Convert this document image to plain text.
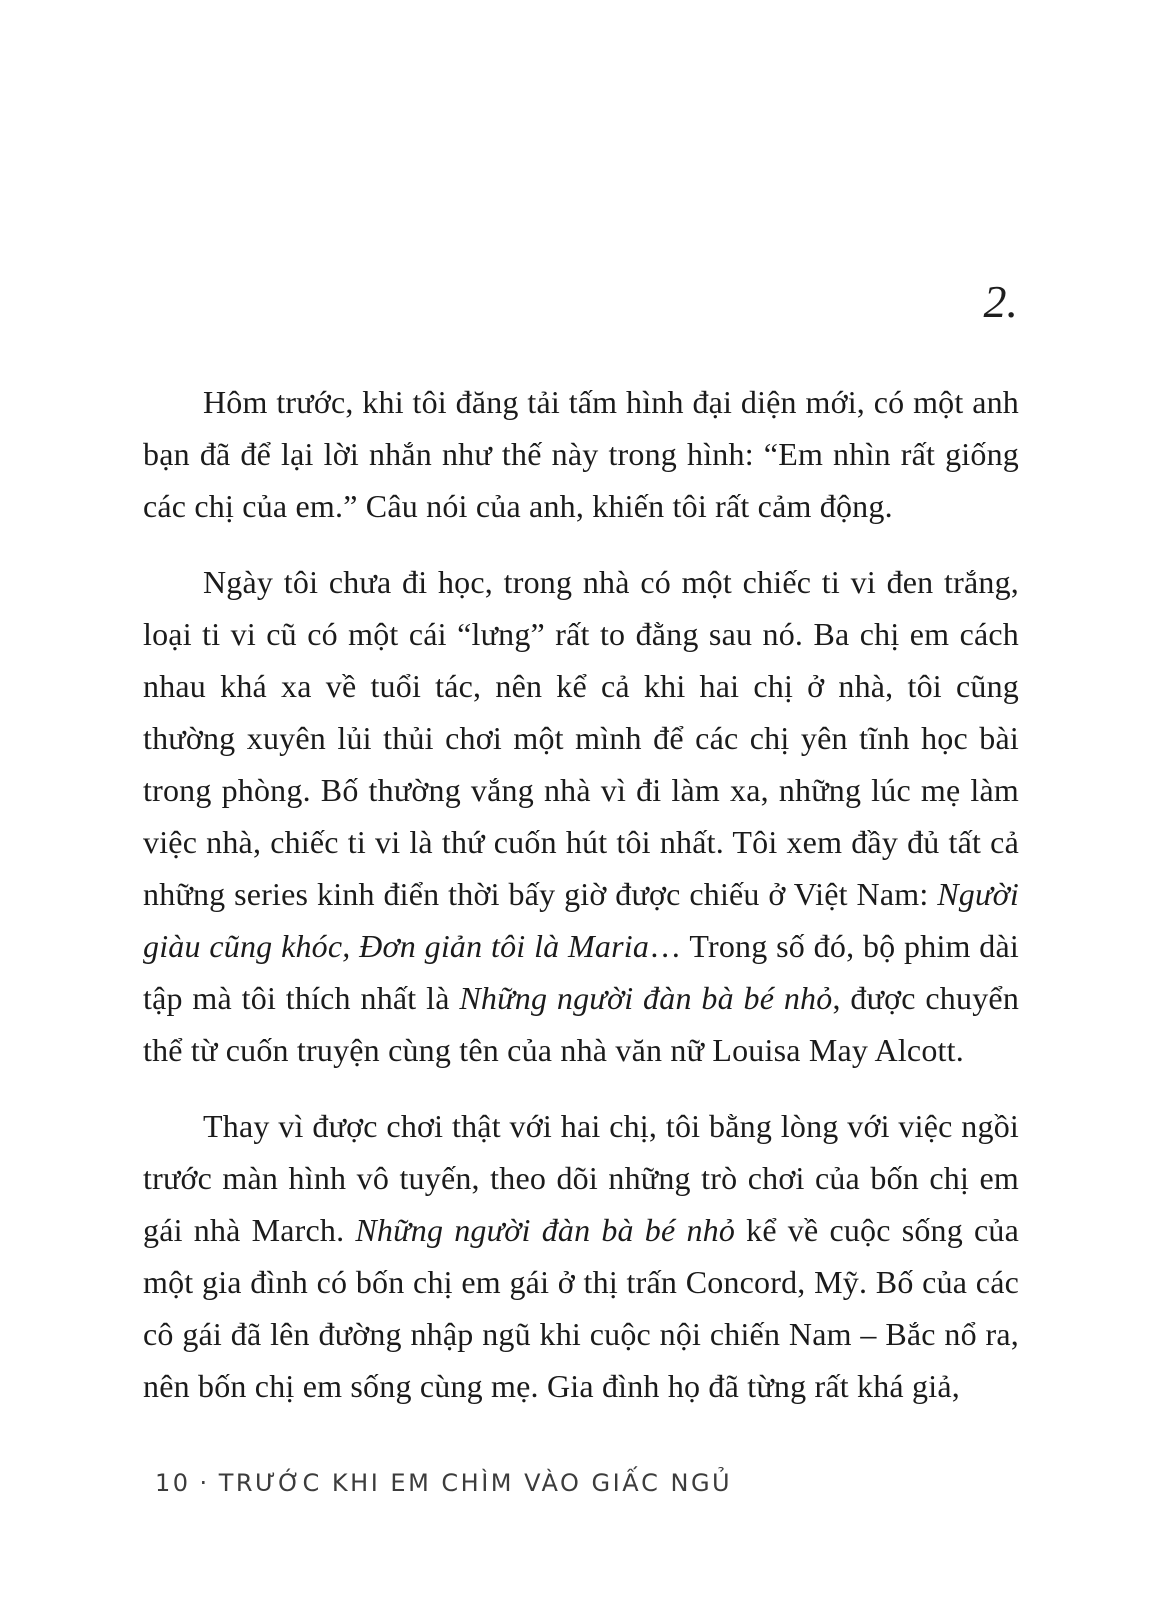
2.

Hôm trước, khi tôi đăng tải tấm hình đại diện mới, có một anh bạn đã để lại lời nhắn như thế này trong hình: “Em nhìn rất giống các chị của em.” Câu nói của anh, khiến tôi rất cảm động.

Ngày tôi chưa đi học, trong nhà có một chiếc ti vi đen trắng, loại ti vi cũ có một cái “lưng” rất to đằng sau nó. Ba chị em cách nhau khá xa về tuổi tác, nên kể cả khi hai chị ở nhà, tôi cũng thường xuyên lủi thủi chơi một mình để các chị yên tĩnh học bài trong phòng. Bố thường vắng nhà vì đi làm xa, những lúc mẹ làm việc nhà, chiếc ti vi là thứ cuốn hút tôi nhất. Tôi xem đầy đủ tất cả những series kinh điển thời bấy giờ được chiếu ở Việt Nam: Người giàu cũng khóc, Đơn giản tôi là Maria… Trong số đó, bộ phim dài tập mà tôi thích nhất là Những người đàn bà bé nhỏ, được chuyển thể từ cuốn truyện cùng tên của nhà văn nữ Louisa May Alcott.

Thay vì được chơi thật với hai chị, tôi bằng lòng với việc ngồi trước màn hình vô tuyến, theo dõi những trò chơi của bốn chị em gái nhà March. Những người đàn bà bé nhỏ kể về cuộc sống của một gia đình có bốn chị em gái ở thị trấn Concord, Mỹ. Bố của các cô gái đã lên đường nhập ngũ khi cuộc nội chiến Nam – Bắc nổ ra, nên bốn chị em sống cùng mẹ. Gia đình họ đã từng rất khá giả,

10 · TRƯỚC KHI EM CHÌM VÀO GIẤC NGỦ
